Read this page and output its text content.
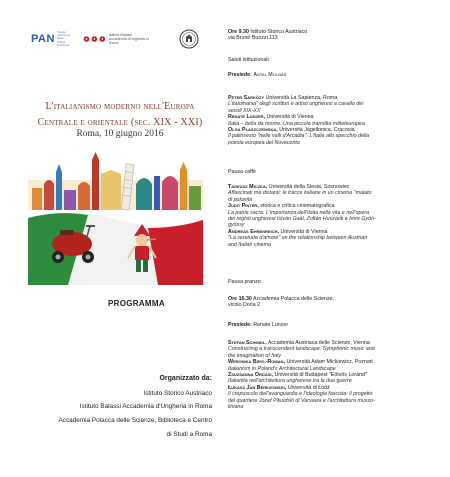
PAN
Polska
Akademia
Nauk
Stacja
Naukowa
Istituto Balassi
Accademia d'Ungheria in Roma
L'italianismo moderno nell'Europa
Centrale e orientale (sec. XIX - XXI)
Roma, 10 giugno 2016
PROGRAMMA
Organizzato da:
Istituto Storico Austriaco
Istituto Balassi Accademia d'Ungheria in Roma
Accademia Polacca delle Scienze, Biblioteca e Centro
di Studi a Roma
Ore 9.30 Istituto Storico Austriaco
via Bruno Buozzi 113
Saluti istituzionali
Presiede: Antal Molnár
Péter Sárközy Università La Sapienza, Roma
L'italomania" degli scrittori e artisti ungheresi a cavallo dei
secoli XIX-XX
Renate Lunzer, Università di Vienna
Italia – bella da morire. Una piccola tramdita mitteleuropea
Olga Płaszczewska, Università Jagellonica, Cracovia
Il palinsesto "nelle valli d'Arcadia". L'Italia allo specchio della
poesia europea del Novecento
Pausa caffè
Tadeusz Miczka, Università della Slesia, Sosnowiec
Affascinati ma distanti: le tracce italiane in un cinema "malato
di polonità
Judit Pintér, storica e critica cinematografica
La patria sacra. L'importanza dell'Italia nella vita e nell'opera
dei registi ungheresi István Gaál, Zoltán Huszárik e Imre Gyön-
gyössy
Andreas Ehrenreich, Università di Vienna
"La serenata d'amore" on the relationship between Austrian
and Italian cinema
Pausa pranzo
Ore 16.30 Accademia Polacca delle Scienze,
vicolo Doria 2
Presiede: Renate Lunzer
Stefan Schmidl, Accademia Austriaca delle Scienze, Vienna
Constructing a transcendent landscape. Symphonic music and
the imagination of Italy
Weronika Biryl-Roman, Università Adam Mickiewicz, Poznań
Italianism in Poland's Architectural Landscape
Zsuzsanna Ordasi, Università di Budapest "Eötvös Loránd"
Italianità nell'architettura ungherese tra le due guerre
Łukasz Jan Berezowski, Università di Łódź
Il crepuscolo dell'avanguardia e l'ideologia fascista: il progetto
del quartiere Józef Piłsudski di Varsavia e l'architettura musso-
liniana
